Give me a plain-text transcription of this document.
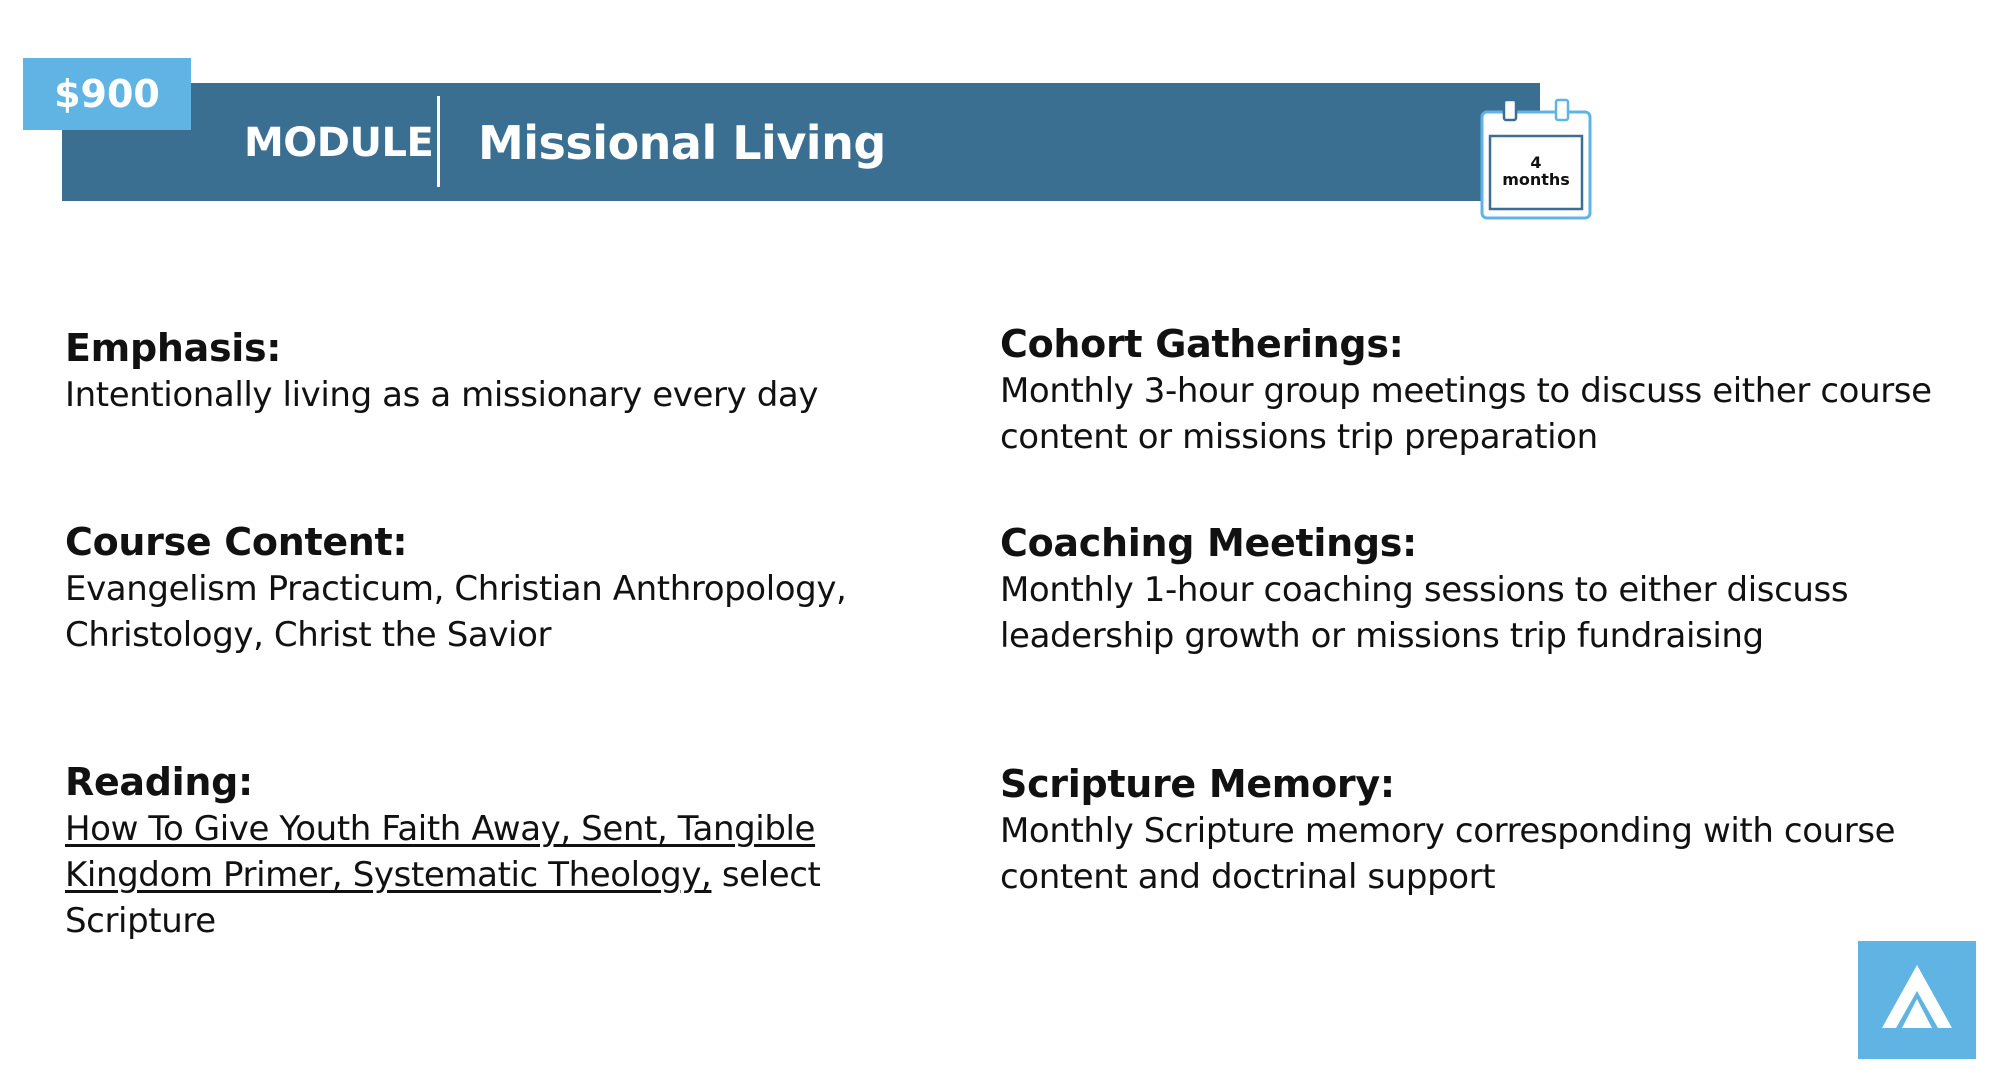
$900
MODULE Missional Living	4
months
Emphasis:

Intentionally living as a missionary every day

Course Content:

Evangelism Practicum, Christian Anthropology,

Christology, Christ the Savior

Reading:

How To Give Youth Faith Away, Sent, Tangible

Kingdom Primer, Systematic Theology, select

Scripture

Cohort Gatherings:

Monthly 3-hour group meetings to discuss either course

content or missions trip preparation

Coaching Meetings:

Monthly 1-hour coaching sessions to either discuss

leadership growth or missions trip fundraising

Scripture Memory:

Monthly Scripture memory corresponding with course

content and doctrinal support
